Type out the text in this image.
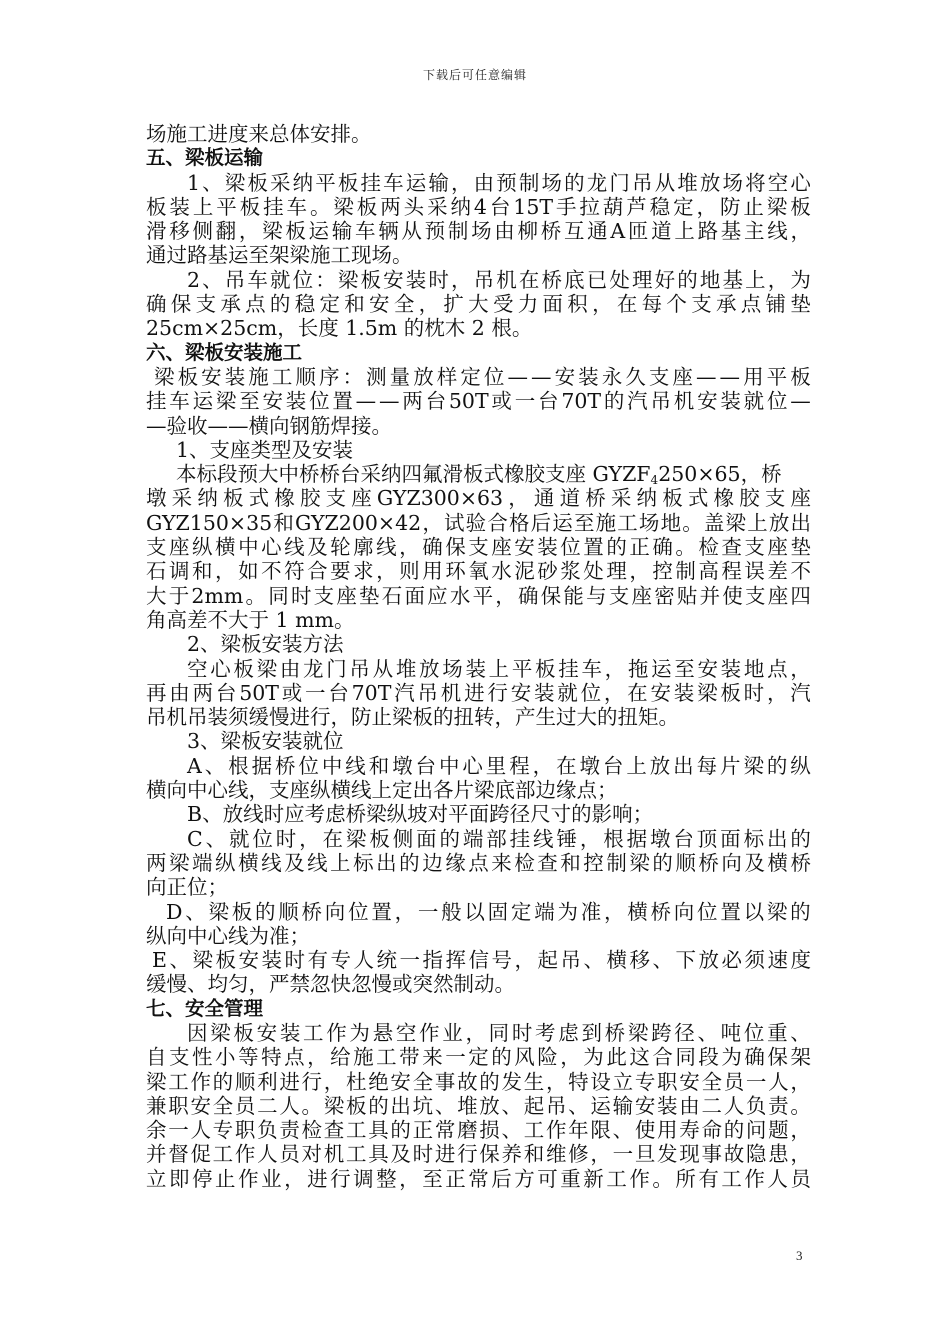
下载后可任意编辑
场施工进度来总体安排。
五、梁板运输
1 、 梁 板 采 纳 平 板 挂 车 运 输 ， 由 预 制 场 的 龙 门 吊 从 堆 放 场 将 空 心
板 装 上 平 板 挂 车 。 梁 板 两 头 采 纳 4 台 15T 手 拉 葫 芦 稳 定 ， 防 止 梁 板
滑 移 侧 翻 ， 梁 板 运 输 车 辆 从 预 制 场 由 柳 桥 互 通 A 匝 道 上 路 基 主 线 ，
通过路基运至架梁施工现场。
2 、 吊 车 就 位 ： 梁 板 安 装 时 ， 吊 机 在 桥 底 已 处 理 好 的 地 基 上 ， 为
确 保 支 承 点 的 稳 定 和 安 全 ， 扩 大 受 力 面 积 ， 在 每 个 支 承 点 铺 垫
25cm×25cm，长度 1.5m 的枕木 2 根。
六、梁板安装施工
梁 板 安 装 施 工 顺 序 ： 测 量 放 样 定 位 — — 安 装 永 久 支 座 — — 用 平 板
挂 车 运 梁 至 安 装 位 置 — — 两 台 50T 或 一 台 70T 的 汽 吊 机 安 装 就 位 —
—验收——横向钢筋焊接。
1、支座类型及安装
本标段预大中桥桥台采纳四氟滑板式橡胶支座 $GYZF_4250\times 65$，桥
墩 采 纳 板 式 橡 胶 支 座 GYZ300×63 ， 通 道 桥 采 纳 板 式 橡 胶 支 座
GYZ150×35 和 GYZ200×42 ， 试 验 合 格 后 运 至 施 工 场 地 。 盖 梁 上 放 出
支 座 纵 横 中 心 线 及 轮 廓 线 ， 确 保 支 座 安 装 位 置 的 正 确 。 检 查 支 座 垫
石 调 和 ， 如 不 符 合 要 求 ， 则 用 环 氧 水 泥 砂 浆 处 理 ， 控 制 高 程 误 差 不
大 于 2mm 。 同 时 支 座 垫 石 面 应 水 平 ， 确 保 能 与 支 座 密 贴 并 使 支 座 四
角高差不大于 1 mm。
2、梁板安装方法
空 心 板 梁 由 龙 门 吊 从 堆 放 场 装 上 平 板 挂 车 ， 拖 运 至 安 装 地 点 ，
再 由 两 台 50T 或 一 台 70T 汽 吊 机 进 行 安 装 就 位 ， 在 安 装 梁 板 时 ， 汽
吊机吊装须缓慢进行，防止梁板的扭转，产生过大的扭矩。
3、梁板安装就位
A 、 根 据 桥 位 中 线 和 墩 台 中 心 里 程 ， 在 墩 台 上 放 出 每 片 梁 的 纵
横向中心线，支座纵横线上定出各片梁底部边缘点；
B、放线时应考虑桥梁纵坡对平面跨径尺寸的影响；
C 、 就 位 时 ， 在 梁 板 侧 面 的 端 部 挂 线 锤 ， 根 据 墩 台 顶 面 标 出 的
两 梁 端 纵 横 线 及 线 上 标 出 的 边 缘 点 来 检 查 和 控 制 梁 的 顺 桥 向 及 横 桥
向正位；
D 、 梁 板 的 顺 桥 向 位 置 ， 一 般 以 固 定 端 为 准 ， 横 桥 向 位 置 以 梁 的
纵向中心线为准；
E 、 梁 板 安 装 时 有 专 人 统 一 指 挥 信 号 ， 起 吊 、 横 移 、 下 放 必 须 速 度
缓慢、均匀，严禁忽快忽慢或突然制动。
七、安全管理
因 梁 板 安 装 工 作 为 悬 空 作 业 ， 同 时 考 虑 到 桥 梁 跨 径 、 吨 位 重 、
自 支 性 小 等 特 点 ， 给 施 工 带 来 一 定 的 风 险 ， 为 此 这 合 同 段 为 确 保 架
梁 工 作 的 顺 利 进 行 ， 杜 绝 安 全 事 故 的 发 生 ， 特 设 立 专 职 安 全 员 一 人 ，
兼 职 安 全 员 二 人 。 梁 板 的 出 坑 、 堆 放 、 起 吊 、 运 输 安 装 由 二 人 负 责 。
余 一 人 专 职 负 责 检 查 工 具 的 正 常 磨 损 、 工 作 年 限 、 使 用 寿 命 的 问 题 ，
并 督 促 工 作 人 员 对 机 工 具 及 时 进 行 保 养 和 维 修 ， 一 旦 发 现 事 故 隐 患 ，
立 即 停 止 作 业 ， 进 行 调 整 ， 至 正 常 后 方 可 重 新 工 作 。 所 有 工 作 人 员
3
